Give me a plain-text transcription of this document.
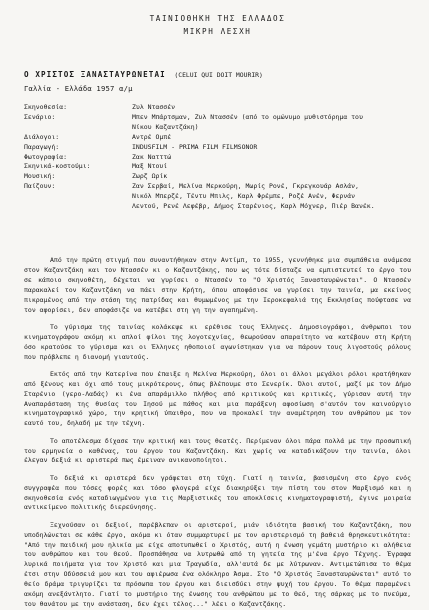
ΤΑΙΝΙΟΘΗΚΗ ΤΗΣ ΕΛΛΑΔΟΣ
ΜΙΚΡΗ ΛΕΣΧΗ
Ο ΧΡΙΣΤΟΣ ΞΑΝΑΣΤΑΥΡΩΝΕΤΑΙ (CELUI QUI DOIT MOURIR)
Γαλλία - Ελλάδα 1957 α/μ
Σκηνοθεσία:	Ζυλ Ντασσέν
Σενάριο:	Μπεν Μπάρτσμαν, Ζυλ Ντασσέν (από το ομώνυμο μυθιστόρημα του
Νίκου Καζαντζάκη)
Διάλογοι:	Αντρέ Ομπέ
Παραγωγή:	INDUSFILM - PRIMA FILM FILMSONOR
Φωτογραφία:	Ζακ Νατττώ
Σκηνικά-κοστούμι:	Μαξ Ντουί
Μουσική:	Ζωρζ Ωρίκ
Παίζουν:	Ζαν Σερβαί, Μελίνα Μερκούρη, Μωρίς Ρονέ, Γκρεγκουάρ Ασλάν,
Νικόλ Μπερζέ, Τέντυ Μπιλς, Καρλ Φρέμπε, Ροζέ Ανέν, Φερνάν
Λεντού, Ρενέ Λεφέβρ, Δήμος Σταρένιος, Καρλ Μόχνερ, Πιέρ Βανέκ.

Από την πρώτη στιγμή που συναντήθηκαν στην Αντίμπ, το 1955, γεννήθηκε μια συμπάθεια ανάμεσα στον Καζαντζάκη και τον Ντασσέν κι ο Καζαντζάκης, που ως τότε δίσταζε να εμπιστευτεί το έργο του σε κάποιο σκηνοθέτη, δέχεται να γυρίσει ο Ντασσέν το "Ο Χριστός Ξανασταυρώνεται". Ο Ντασσέν παρακαλεί τον Καζαντζάκη να πάει στην Κρήτη, όπου αποφάσισε να γυρίσει την ταινία, μα εκείνος πικραμένος από την στάση της πατρίδας και θυμωμένος με την Ιεροκεφαλιά της Εκκλησίας πούφτασε να τον αφορίσει, δεν αποφάσιζε να κατέβει στη γη την αγαπημένη.

Το γύρισμα της ταινίας κολάκεψε κι ερέθισε τους Έλληνες. Δημοσιογράφοι, άνθρωποι του κινηματογράφου ακόμη κι απλοί φίλοι της λογοτεχνίας, θεωρούσαν απαραίτητο να κατέβουν στη Κρήτη όσο κρατούσε το γύρισμα και οι Έλληνες ηθοποιοί αγωνίστηκαν για να πάρουν τους λιγοστούς ρόλους που πρόβλεπε η διανομή γιαυτούς.

Εκτός από την Κατερίνα που έπαιξε η Μελίνα Μερκούρη, όλοι οι άλλοι μεγάλοι ρόλοι κρατήθηκαν από ξένους και όχι από τους μικρότερους, όπως βλέπουμε στο Σενερίκ. Όλοι αυτοί, μαζί με τον Δήμο Σταρένιο (γερο-Λαδάς) κι ένα απαράμιλλο πλήθος από κριτικούς και κριτικές, γύρισαν αυτή την Αναπαράσταση της θυσίας του Ιησού με πάθος και μια παράξενη αφοσίωση σ'αυτόν τον καινούργιο κινηματογραφικό χώρο, την κρητική ύπαιθρο, που να προκαλεί την αναμέτρηση του ανθρώπου με τον εαυτό του, δηλαδή με την τέχνη.

Το αποτέλεσμα δίχασε την κριτική και τους θεατές. Περίμεναν όλοι πάρα πολλά με την προσωπική του ερμηνεία ο καθένας, του έργου του Καζαντζάκη. Και χωρίς να καταδικάζουν την ταινία, όλοι έλεγαν δεξιά κι αριστερά πως έμειναν ανικανοποίητοι.

Το δεξιά κι αριστερά δεν γράφεται στη τύχη. Γιατί η ταινία, βασισμένη στο έργο ενός συγγραφέα που τόσες φορές και τόσο φλογερά είχε διακηρύξει την πίστη του στον Μαρξισμό και η σκηνοθεσία ενός καταδιωγμένου για τις Μαρξιστικές του αποκλίσεις κινηματογραφιστή, έγινε μοιραία αντικείμενο πολιτικής διερεύνησης.

Ξεχνούσαν οι δεξιοί, παρέβλεπαν οι αριστεροί, μιάν ιδιότητα βασική του Καζαντζάκη, που υποδηλώνεται σε κάθε έργο, ακόμα κι όταν συμμαρτυρεί με τον αριστερισμό τη βαθειά θρησκευτικότητα: "Από την παιδική μου ηλικία με είχε αποτυπωθεί ο Χριστός, αυτή η ένωση γεμάτη μυστήριο κι αλήθεια του ανθρώπου και του Θεού. Προσπάθησα να λυτρωθώ από τη γητεία της μ'ένα έργο Τέχνης. Έγραφα λυρικά ποιήματα για τον Χριστό και μια Τραγωδία, αλλ'αυτά δε με λύτρωναν. Αντιμετώπισα το θέμα έτσι στην Οδύσσειά μου και του αφιέρωσα ένα ολόκληρο Άσμα. Στο "Ο Χριστός Ξανασταυρώνεται" αυτό το θείο δράμα τριγυρίζει τα πρόσωπα του έργου και διεισδύει στην ψυχή του έργου. Το θέμα παραμένει ακόμη ανεξάντλητο. Γιατί το μυστήριο της ένωσης του ανθρώπου με το Θεό, της σάρκας με το πνεύμα, του θανάτου με την ανάσταση, δεν έχει τέλος..." λέει ο Καζαντζάκης.
